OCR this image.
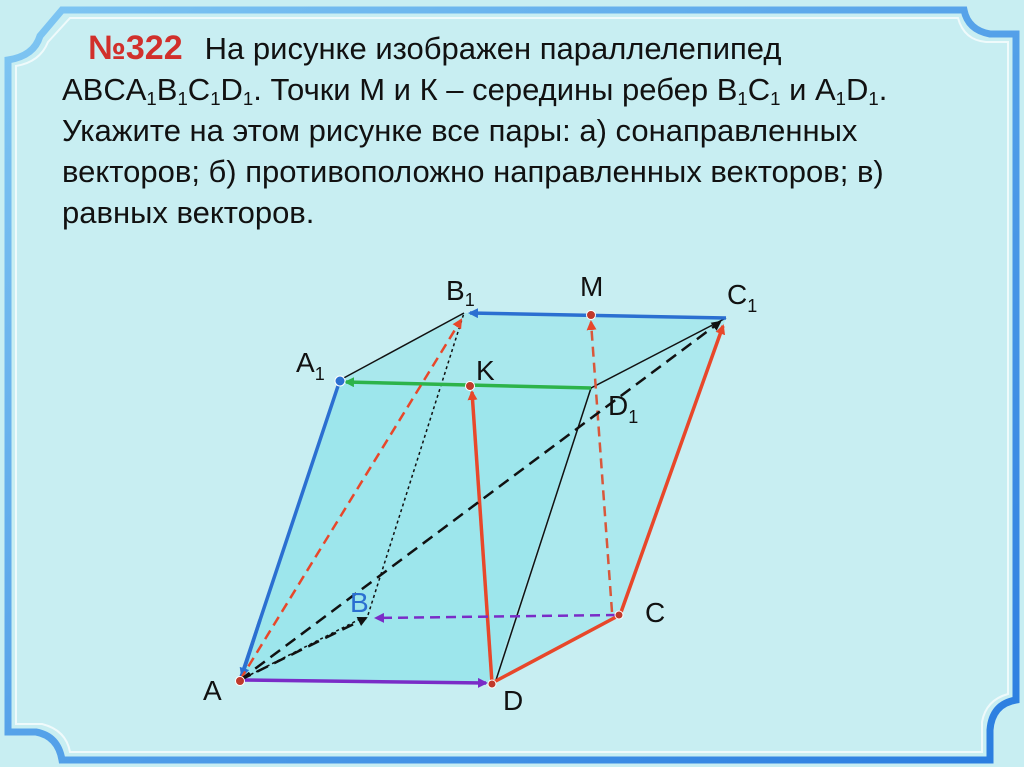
№322 На рисунке изображен параллелепипед
$ABCA_1B_1C_1D_1$. Точки М и К – середины ребер $B_1C_1$ и $A_1D_1$.
Укажите на этом рисунке все пары: а) сонаправленных
векторов; б) противоположно направленных векторов; в)
равных векторов.
$B_1$	M	$C_1$
$A_1$	K
$D_1$
B	C
A	D
